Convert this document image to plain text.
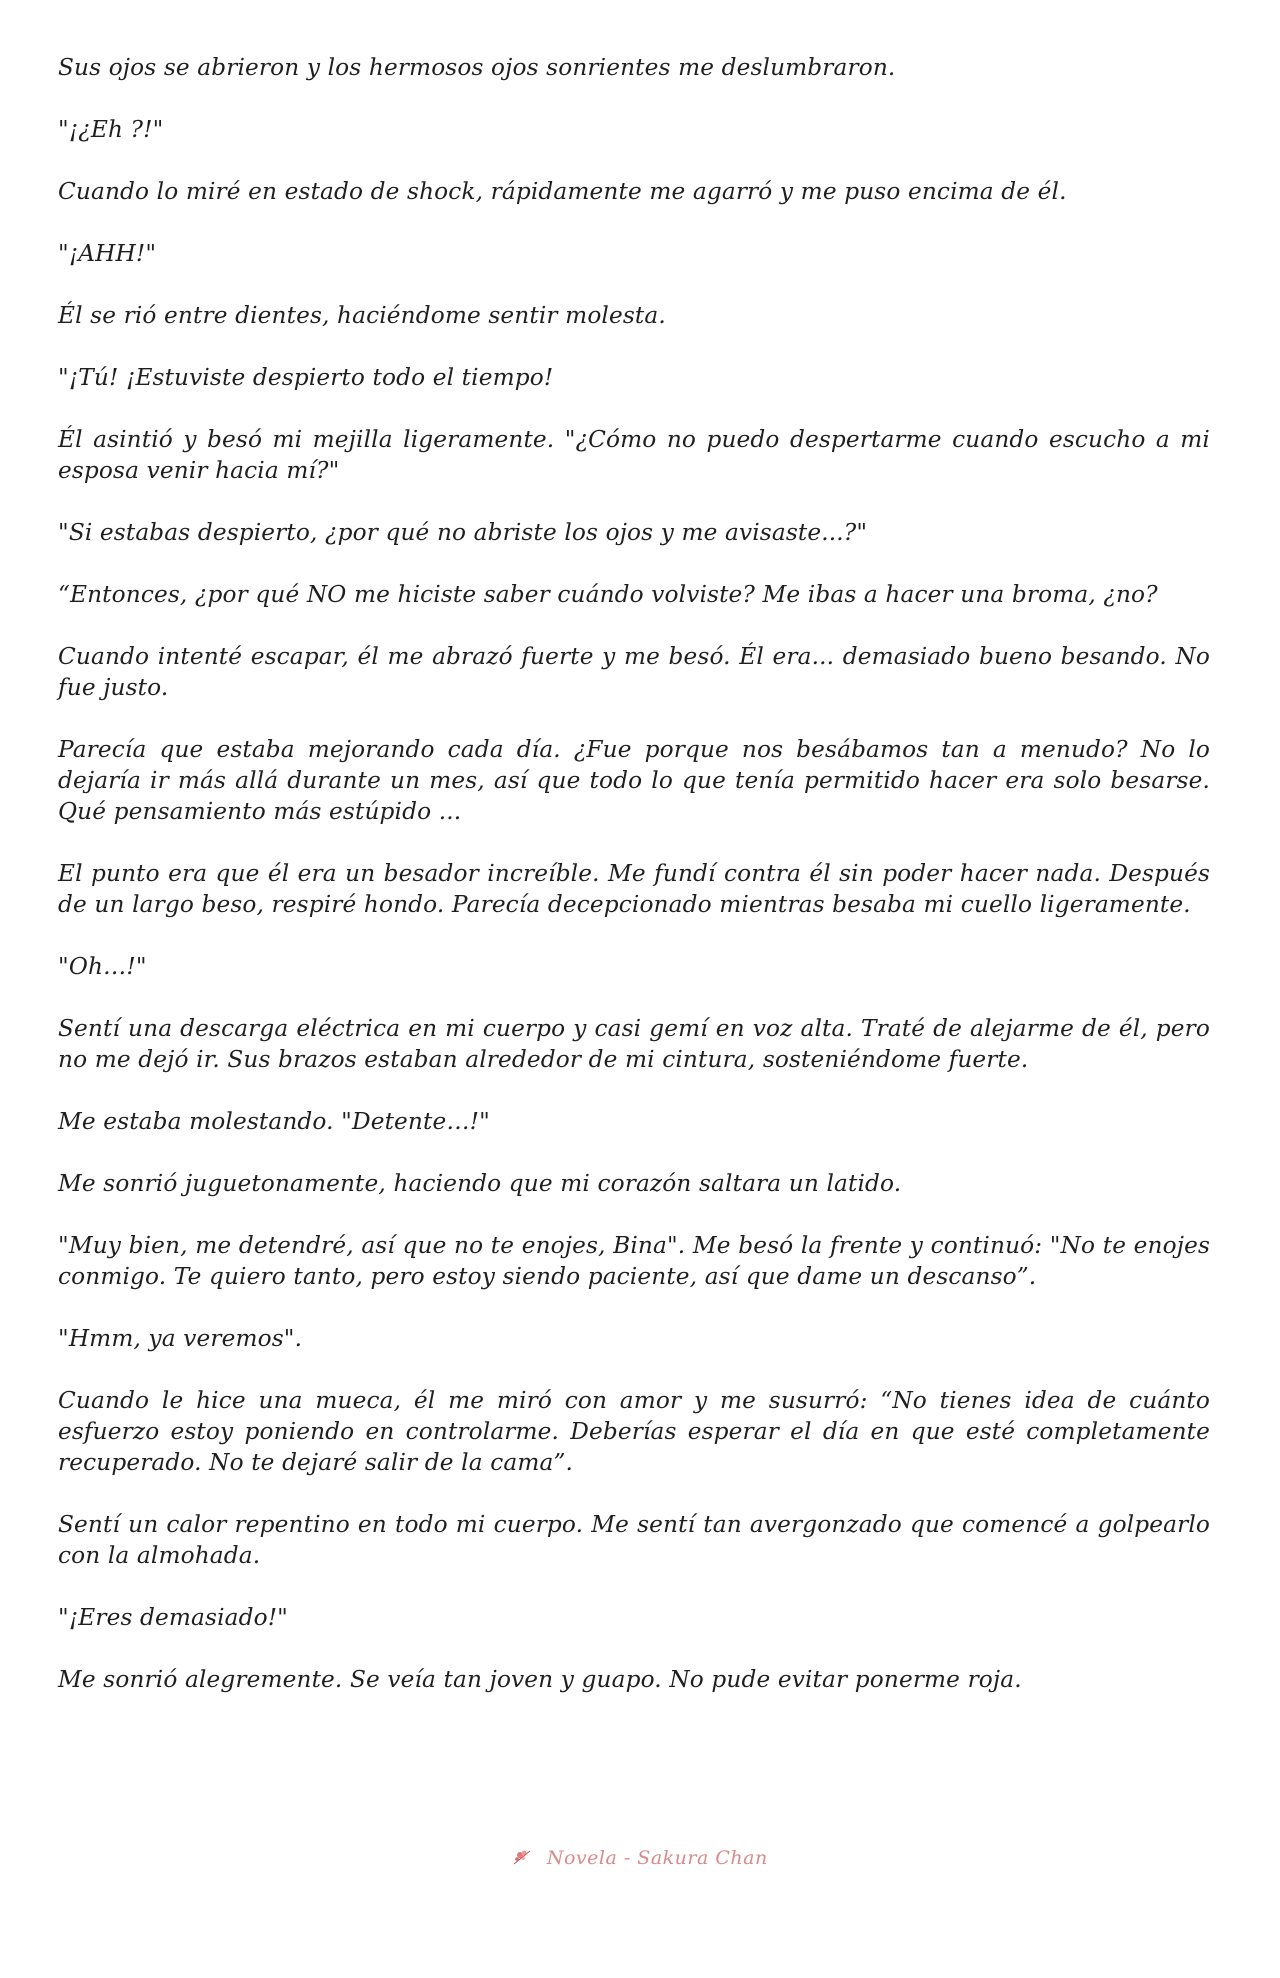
Sus ojos se abrieron y los hermosos ojos sonrientes me deslumbraron.

"¡¿Eh ?!"

Cuando lo miré en estado de shock, rápidamente me agarró y me puso encima de él.

"¡AHH!"

Él se rió entre dientes, haciéndome sentir molesta.

"¡Tú! ¡Estuviste despierto todo el tiempo!

Él asintió y besó mi mejilla ligeramente. "¿Cómo no puedo despertarme cuando escucho a mi esposa venir hacia mí?"

"Si estabas despierto, ¿por qué no abriste los ojos y me avisaste...?"

“Entonces, ¿por qué NO me hiciste saber cuándo volviste? Me ibas a hacer una broma, ¿no?

Cuando intenté escapar, él me abrazó fuerte y me besó. Él era... demasiado bueno besando. No fue justo.

Parecía que estaba mejorando cada día. ¿Fue porque nos besábamos tan a menudo? No lo dejaría ir más allá durante un mes, así que todo lo que tenía permitido hacer era solo besarse. Qué pensamiento más estúpido ...

El punto era que él era un besador increíble. Me fundí contra él sin poder hacer nada. Después de un largo beso, respiré hondo. Parecía decepcionado mientras besaba mi cuello ligeramente.

"Oh…!"

Sentí una descarga eléctrica en mi cuerpo y casi gemí en voz alta. Traté de alejarme de él, pero no me dejó ir. Sus brazos estaban alrededor de mi cintura, sosteniéndome fuerte.

Me estaba molestando. "Detente…!"

Me sonrió juguetonamente, haciendo que mi corazón saltara un latido.

"Muy bien, me detendré, así que no te enojes, Bina". Me besó la frente y continuó: "No te enojes conmigo. Te quiero tanto, pero estoy siendo paciente, así que dame un descanso”.

"Hmm, ya veremos".

Cuando le hice una mueca, él me miró con amor y me susurró: “No tienes idea de cuánto esfuerzo estoy poniendo en controlarme. Deberías esperar el día en que esté completamente recuperado. No te dejaré salir de la cama”.

Sentí un calor repentino en todo mi cuerpo. Me sentí tan avergonzado que comencé a golpearlo con la almohada.

"¡Eres demasiado!"

Me sonrió alegremente. Se veía tan joven y guapo. No pude evitar ponerme roja.

Novela - Sakura Chan
